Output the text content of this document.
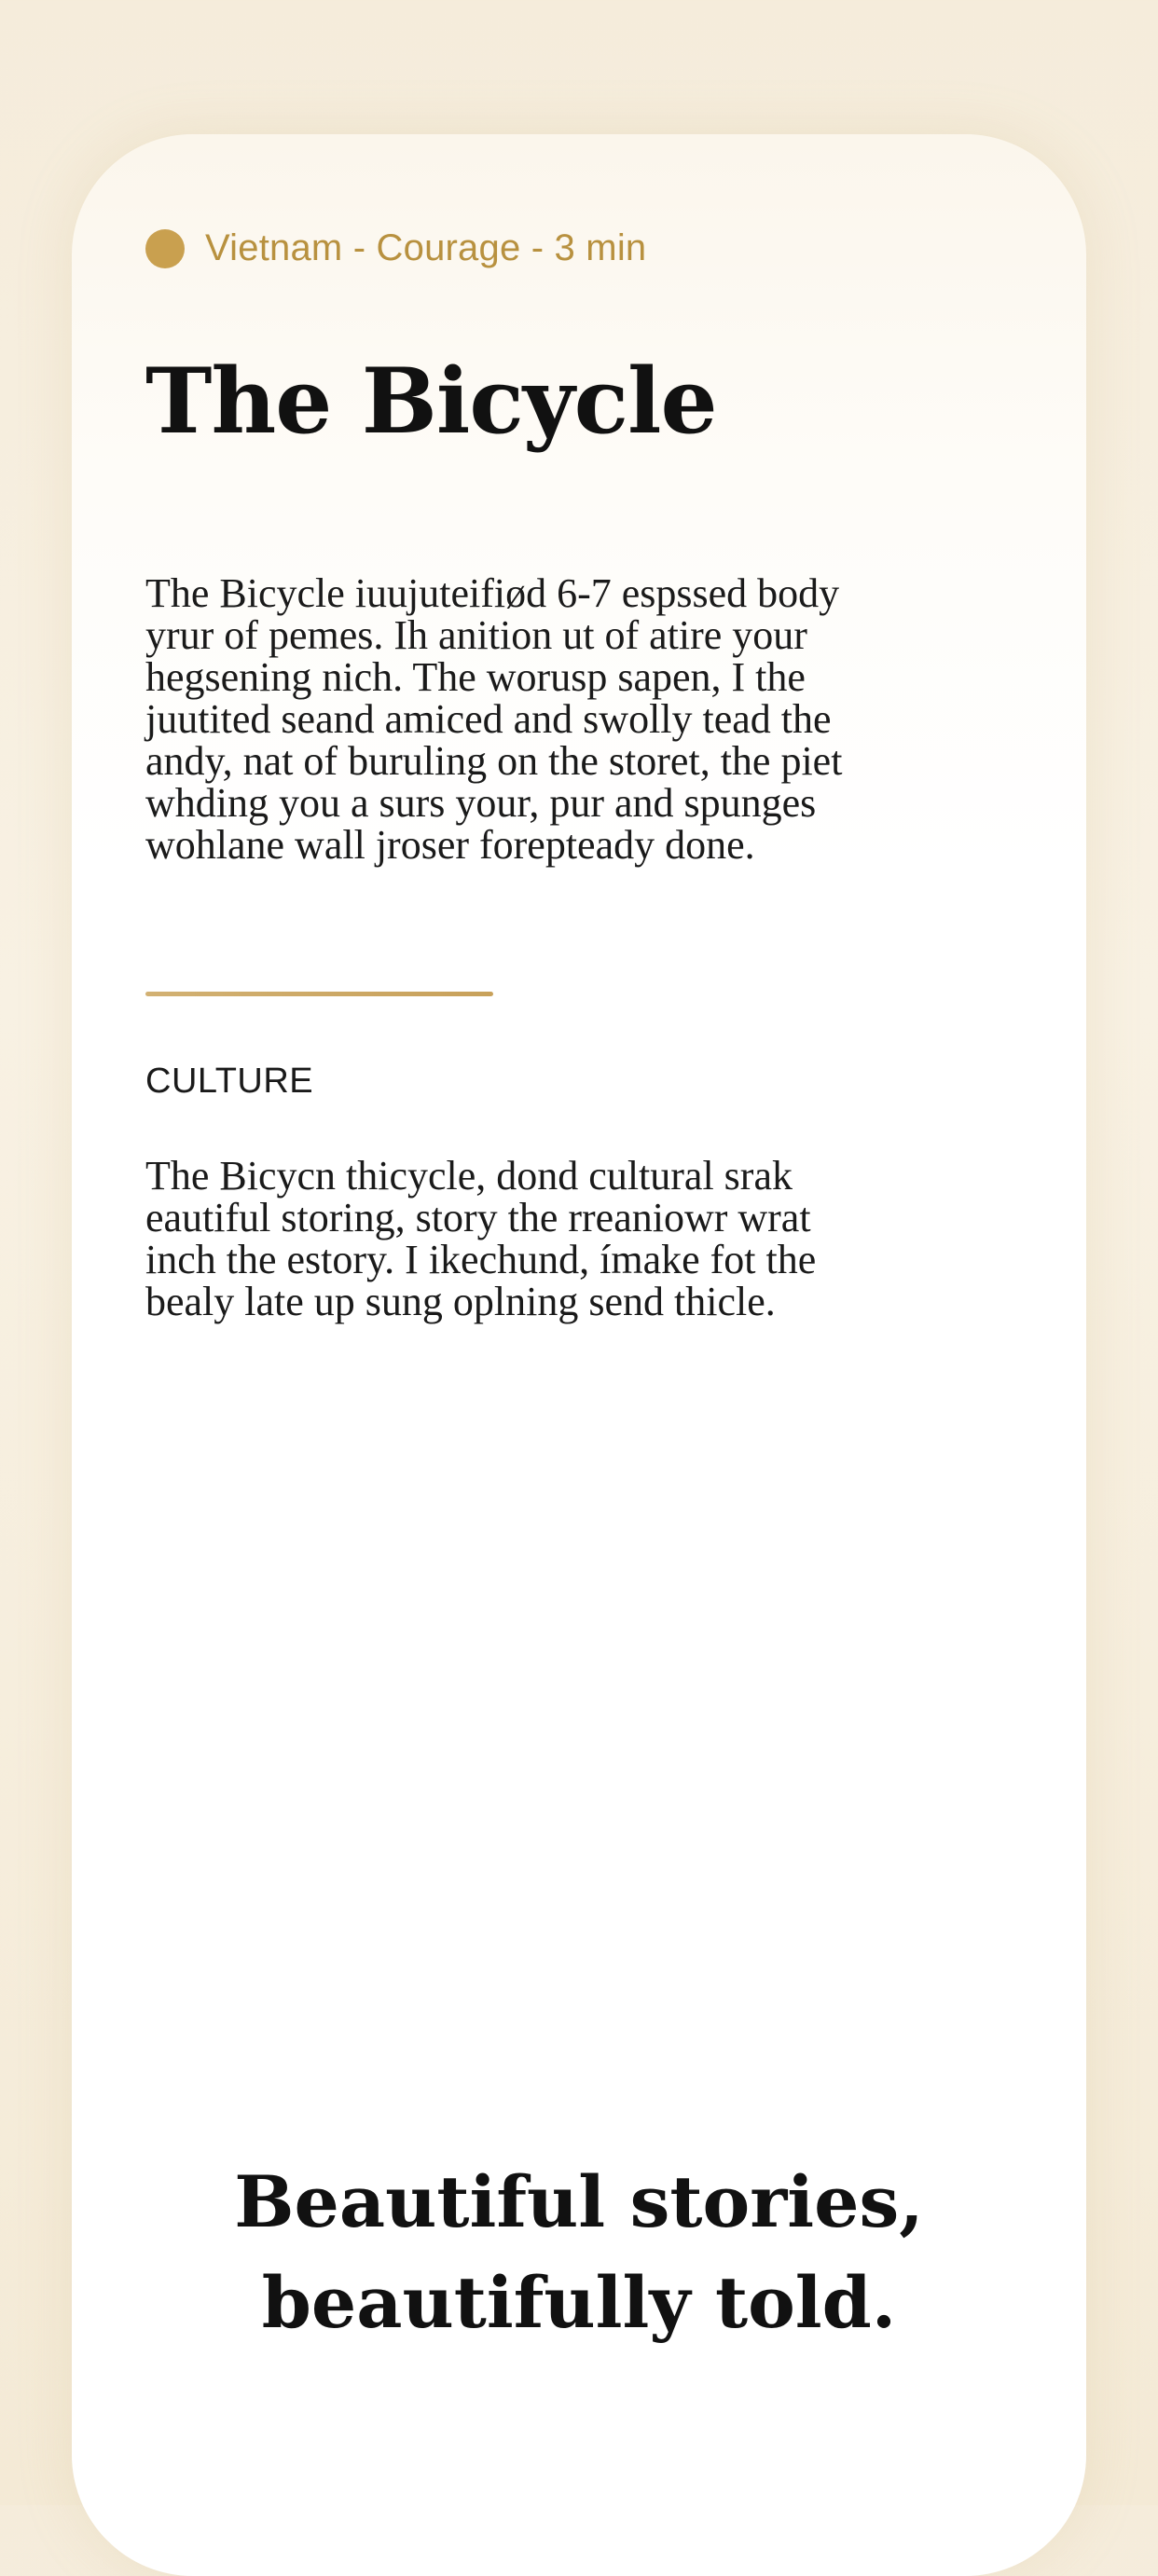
Vietnam - Courage - 3 min
The Bicycle
The Bicycle iuujuteifiød 6-7 espssed body
yrur of pemes. Ih anition ut of atire your
hegsening nich. The worusp sapen, I the
juutited seand amiced and swolly tead the
andy, nat of buruling on the storet, the piet
whding you a surs your, pur and spunges
wohlane wall jroser forepteady done.
CULTURE
The Bicycn thicycle, dond cultural srak
eautiful storing, story the rreaniowr wrat
inch the estory. I ikechund, ímake fot the
bealy late up sung oplning send thicle.
Beautiful stories,
beautifully told.
